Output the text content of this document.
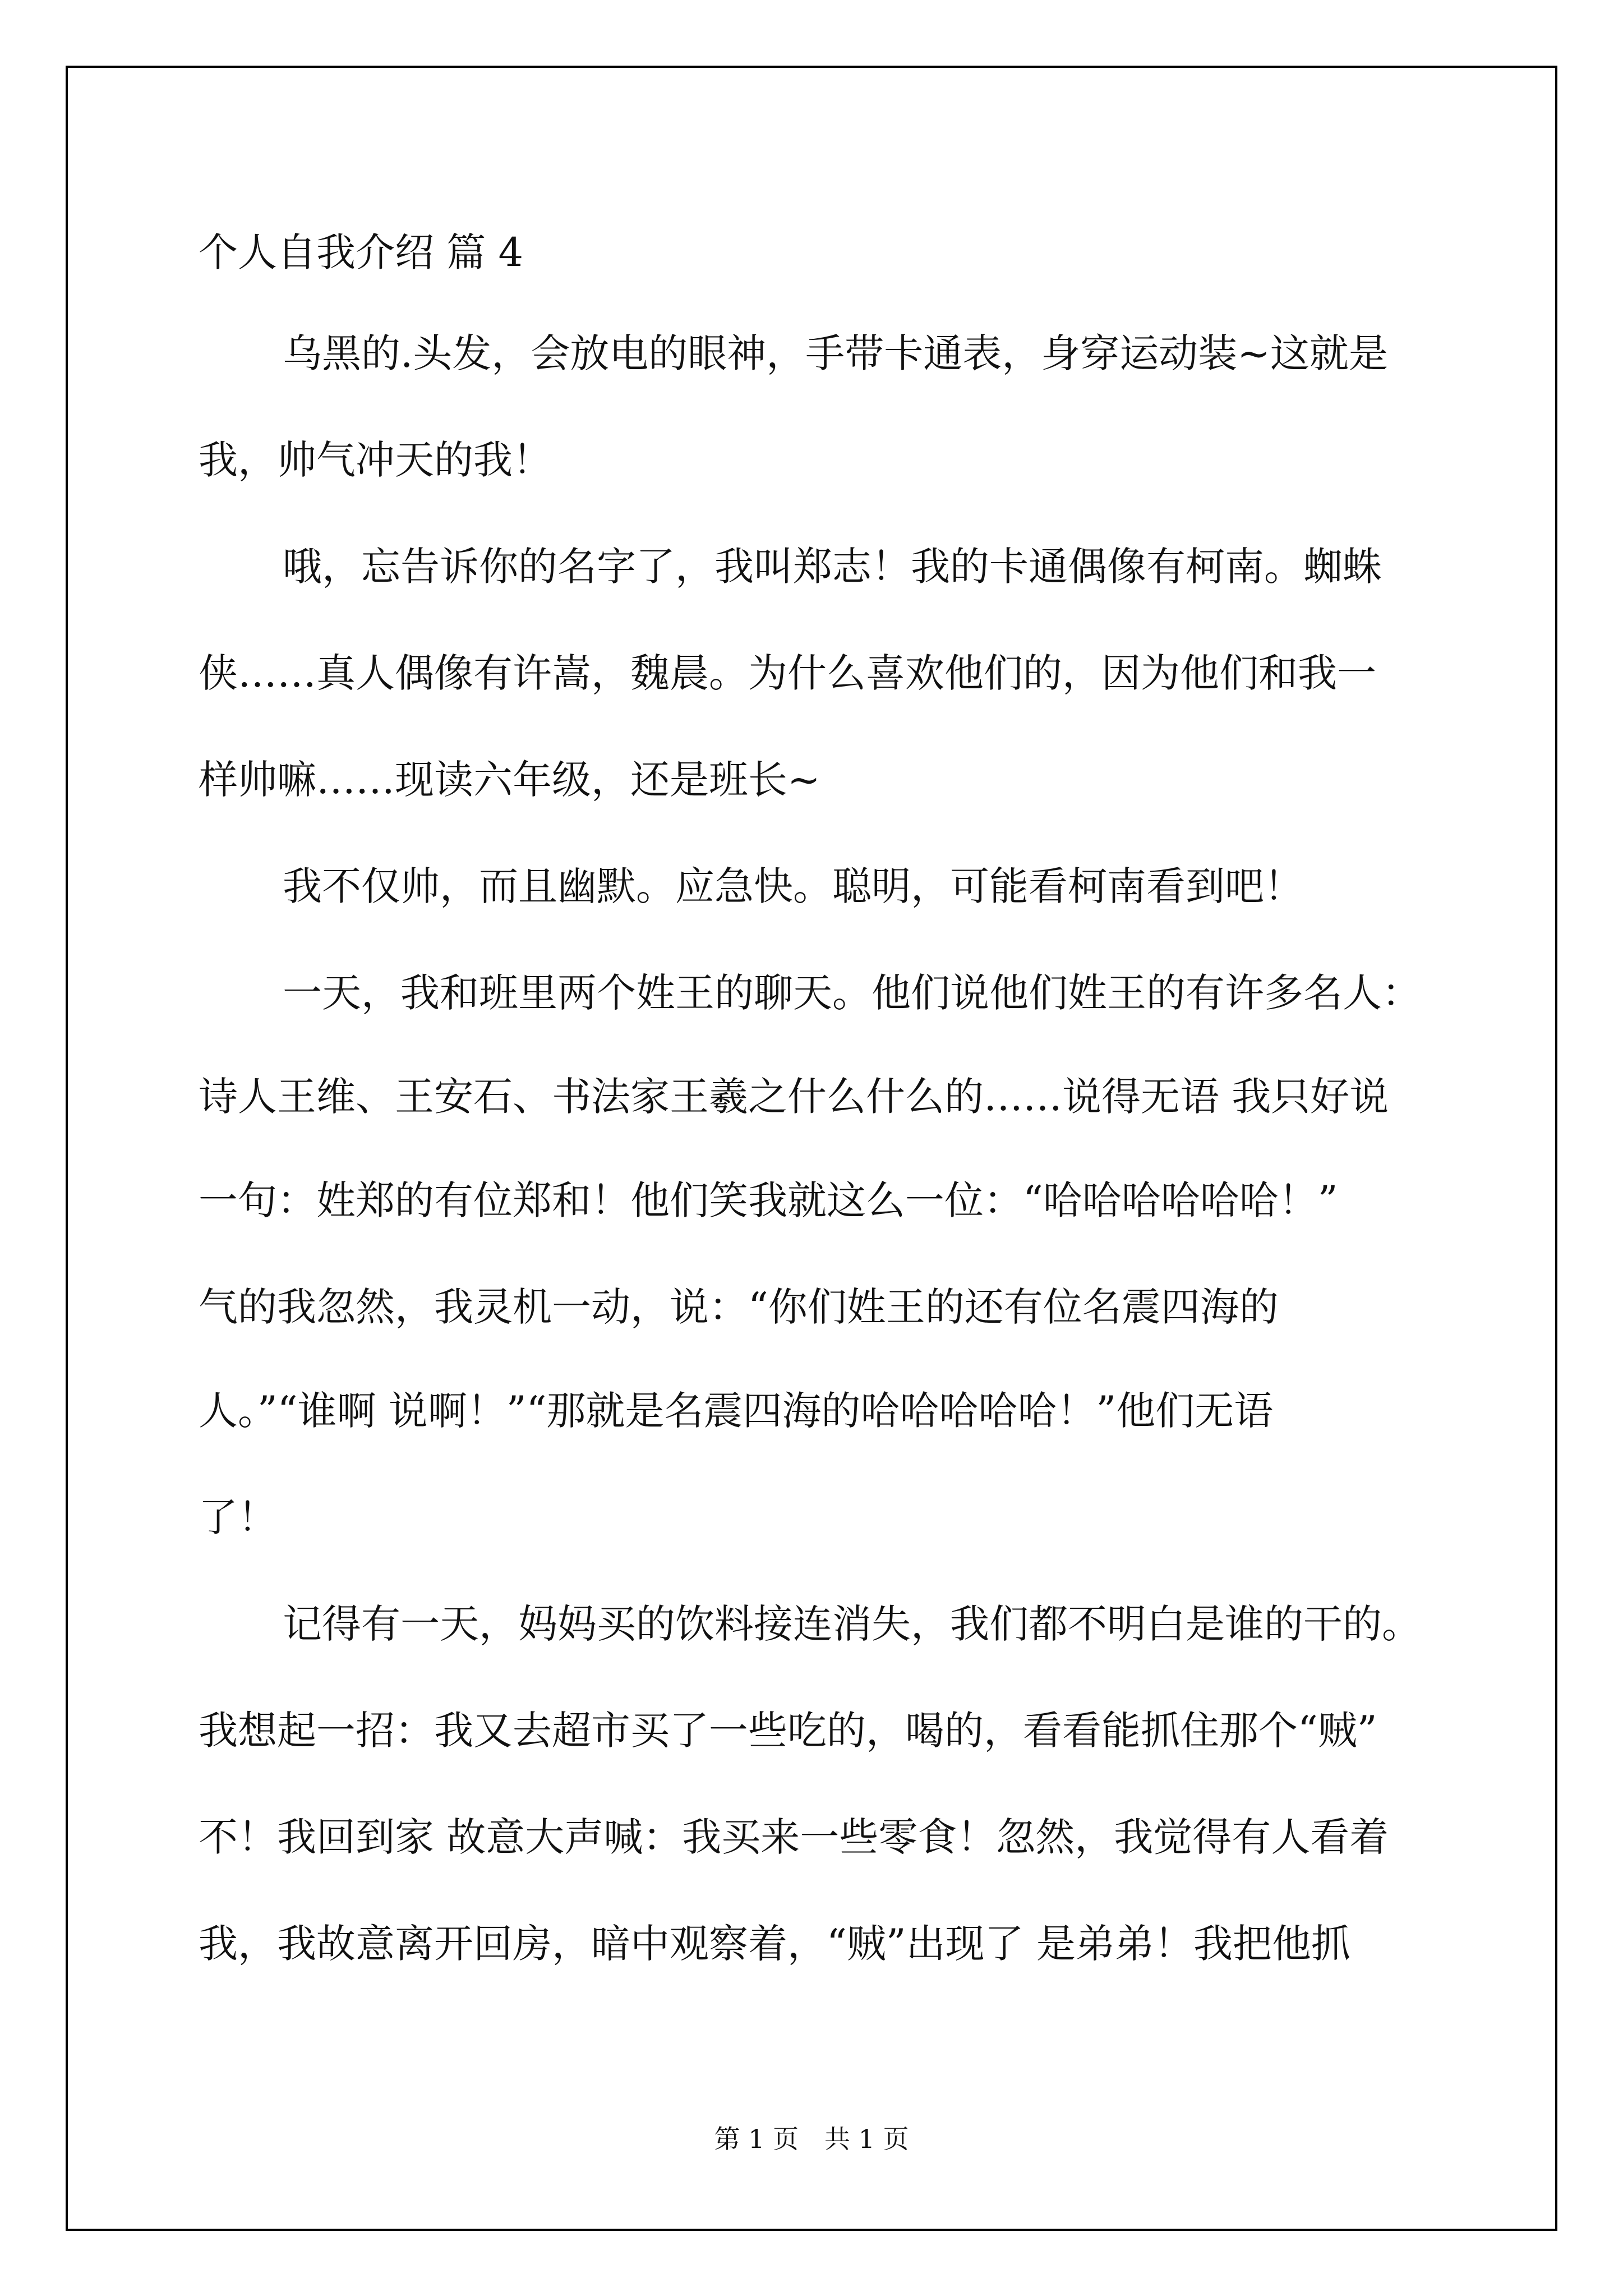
个人自我介绍 篇 4
乌黑的.头发，会放电的眼神，手带卡通表，身穿运动装~这就是
我，帅气冲天的我！
哦，忘告诉你的名字了，我叫郑志！我的卡通偶像有柯南。蜘蛛
侠……真人偶像有许嵩，魏晨。为什么喜欢他们的，因为他们和我一
样帅嘛……现读六年级，还是班长~
我不仅帅，而且幽默。应急快。聪明，可能看柯南看到吧！
一天，我和班里两个姓王的聊天。他们说他们姓王的有许多名人：
诗人王维、王安石、书法家王羲之什么什么的……说得无语 我只好说
一句：姓郑的有位郑和！他们笑我就这么一位：“哈哈哈哈哈哈！”
气的我忽然，我灵机一动，说：“你们姓王的还有位名震四海的
人。”“谁啊 说啊！”“那就是名震四海的哈哈哈哈哈！”他们无语
了！
记得有一天，妈妈买的饮料接连消失，我们都不明白是谁的干的。
我想起一招：我又去超市买了一些吃的，喝的，看看能抓住那个“贼”
不！我回到家 故意大声喊：我买来一些零食！忽然，我觉得有人看着
我，我故意离开回房，暗中观察着，“贼”出现了 是弟弟！我把他抓
第 1 页　共 1 页
